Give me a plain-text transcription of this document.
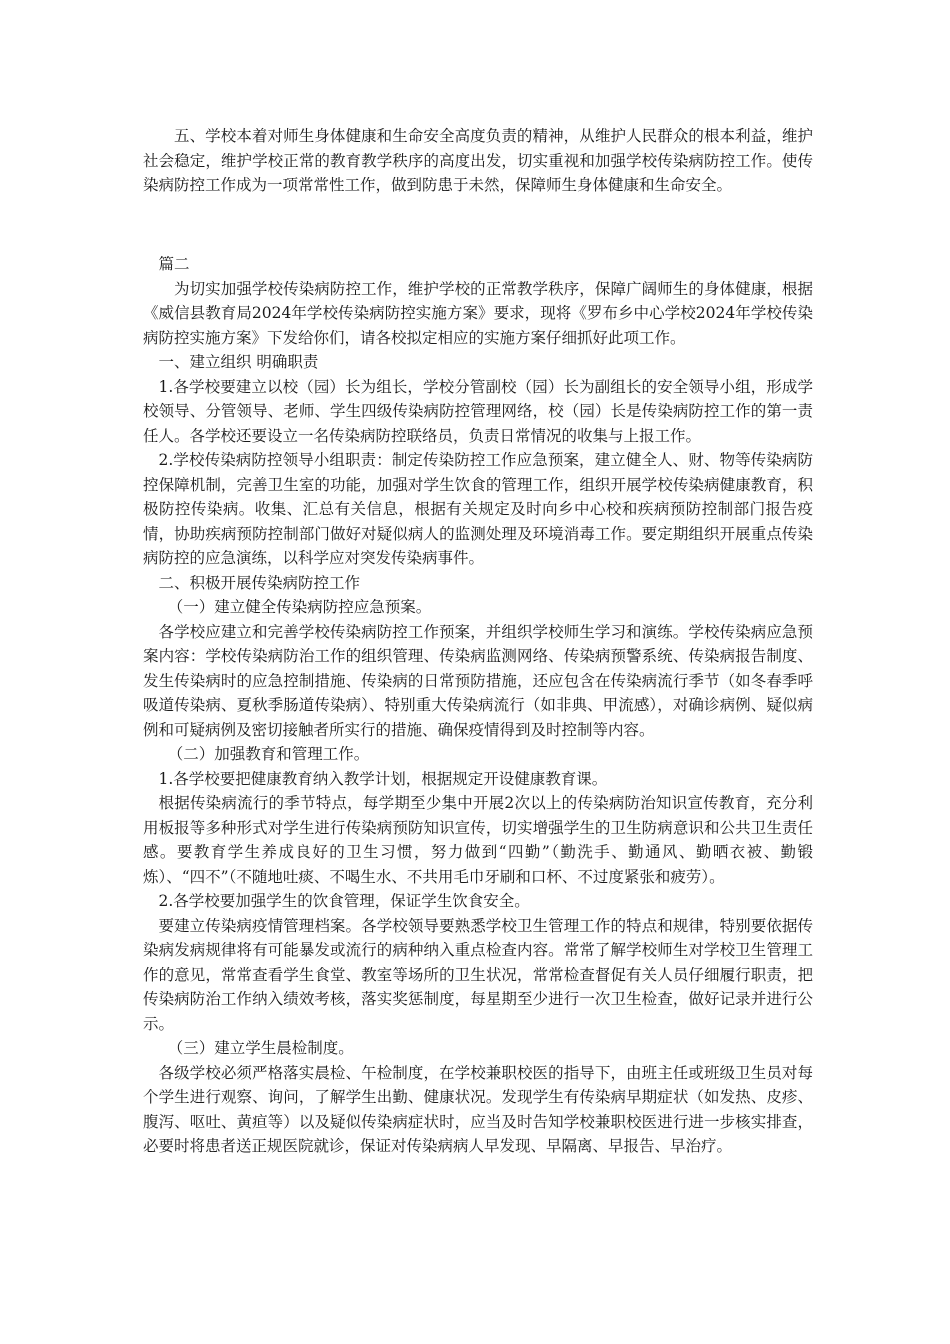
五、学校本着对师生身体健康和生命安全高度负责的精神，从维护人民群众的根本利益，维护社会稳定，维护学校正常的教育教学秩序的高度出发，切实重视和加强学校传染病防控工作。使传染病防控工作成为一项常常性工作，做到防患于未然，保障师生身体健康和生命安全。

篇二

为切实加强学校传染病防控工作，维护学校的正常教学秩序，保障广阔师生的身体健康，根据《威信县教育局2024年学校传染病防控实施方案》要求，现将《罗布乡中心学校2024年学校传染病防控实施方案》下发给你们，请各校拟定相应的实施方案仔细抓好此项工作。

一、建立组织 明确职责

1.各学校要建立以校（园）长为组长，学校分管副校（园）长为副组长的安全领导小组，形成学校领导、分管领导、老师、学生四级传染病防控管理网络，校（园）长是传染病防控工作的第一责任人。各学校还要设立一名传染病防控联络员，负责日常情况的收集与上报工作。

2.学校传染病防控领导小组职责：制定传染防控工作应急预案，建立健全人、财、物等传染病防控保障机制，完善卫生室的功能，加强对学生饮食的管理工作，组织开展学校传染病健康教育，积极防控传染病。收集、汇总有关信息，根据有关规定及时向乡中心校和疾病预防控制部门报告疫情，协助疾病预防控制部门做好对疑似病人的监测处理及环境消毒工作。要定期组织开展重点传染病防控的应急演练，以科学应对突发传染病事件。

二、积极开展传染病防控工作

（一）建立健全传染病防控应急预案。

各学校应建立和完善学校传染病防控工作预案，并组织学校师生学习和演练。学校传染病应急预案内容：学校传染病防治工作的组织管理、传染病监测网络、传染病预警系统、传染病报告制度、发生传染病时的应急控制措施、传染病的日常预防措施，还应包含在传染病流行季节（如冬春季呼吸道传染病、夏秋季肠道传染病）、特别重大传染病流行（如非典、甲流感），对确诊病例、疑似病例和可疑病例及密切接触者所实行的措施、确保疫情得到及时控制等内容。

（二）加强教育和管理工作。

1.各学校要把健康教育纳入教学计划，根据规定开设健康教育课。

根据传染病流行的季节特点，每学期至少集中开展2次以上的传染病防治知识宣传教育，充分利用板报等多种形式对学生进行传染病预防知识宣传，切实增强学生的卫生防病意识和公共卫生责任感。要教育学生养成良好的卫生习惯，努力做到“四勤”（勤洗手、勤通风、勤晒衣被、勤锻炼）、“四不”（不随地吐痰、不喝生水、不共用毛巾牙刷和口杯、不过度紧张和疲劳）。

2.各学校要加强学生的饮食管理，保证学生饮食安全。

要建立传染病疫情管理档案。各学校领导要熟悉学校卫生管理工作的特点和规律，特别要依据传染病发病规律将有可能暴发或流行的病种纳入重点检查内容。常常了解学校师生对学校卫生管理工作的意见，常常查看学生食堂、教室等场所的卫生状况，常常检查督促有关人员仔细履行职责，把传染病防治工作纳入绩效考核，落实奖惩制度，每星期至少进行一次卫生检查，做好记录并进行公示。

（三）建立学生晨检制度。

各级学校必须严格落实晨检、午检制度，在学校兼职校医的指导下，由班主任或班级卫生员对每个学生进行观察、询问，了解学生出勤、健康状况。发现学生有传染病早期症状（如发热、皮疹、腹泻、呕吐、黄疸等）以及疑似传染病症状时，应当及时告知学校兼职校医进行进一步核实排查，必要时将患者送正规医院就诊，保证对传染病病人早发现、早隔离、早报告、早治疗。
